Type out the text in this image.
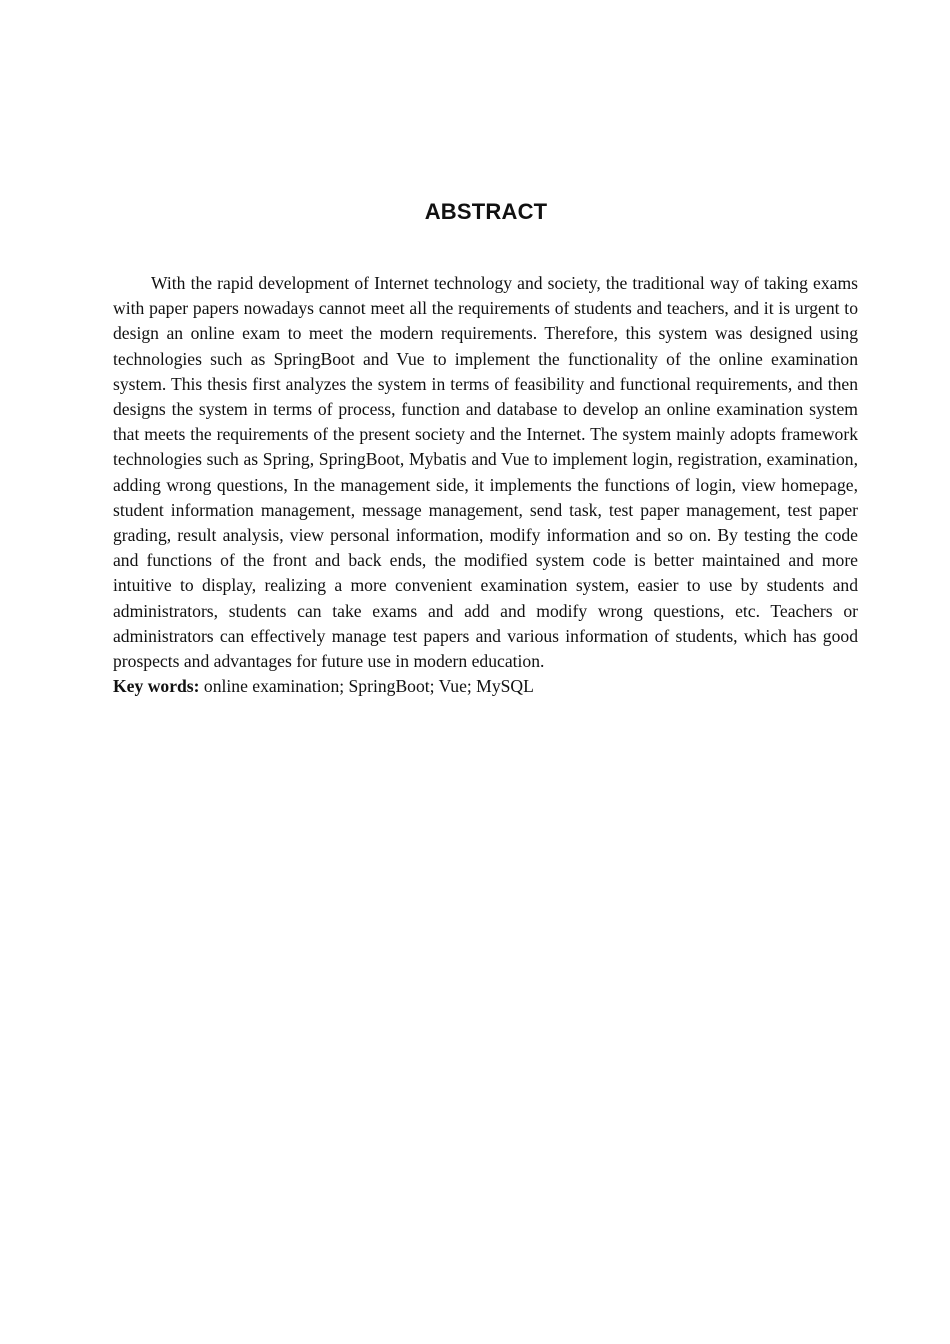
ABSTRACT

With the rapid development of Internet technology and society, the traditional way of taking exams with paper papers nowadays cannot meet all the requirements of students and teachers, and it is urgent to design an online exam to meet the modern requirements. Therefore, this system was designed using technologies such as SpringBoot and Vue to implement the functionality of the online examination system. This thesis first analyzes the system in terms of feasibility and functional requirements, and then designs the system in terms of process, function and database to develop an online examination system that meets the requirements of the present society and the Internet. The system mainly adopts framework technologies such as Spring, SpringBoot, Mybatis and Vue to implement login, registration, examination, adding wrong questions, In the management side, it implements the functions of login, view homepage, student information management, message management, send task, test paper management, test paper grading, result analysis, view personal information, modify information and so on. By testing the code and functions of the front and back ends, the modified system code is better maintained and more intuitive to display, realizing a more convenient examination system, easier to use by students and administrators, students can take exams and add and modify wrong questions, etc. Teachers or administrators can effectively manage test papers and various information of students, which has good prospects and advantages for future use in modern education.

Key words: online examination; SpringBoot; Vue; MySQL
